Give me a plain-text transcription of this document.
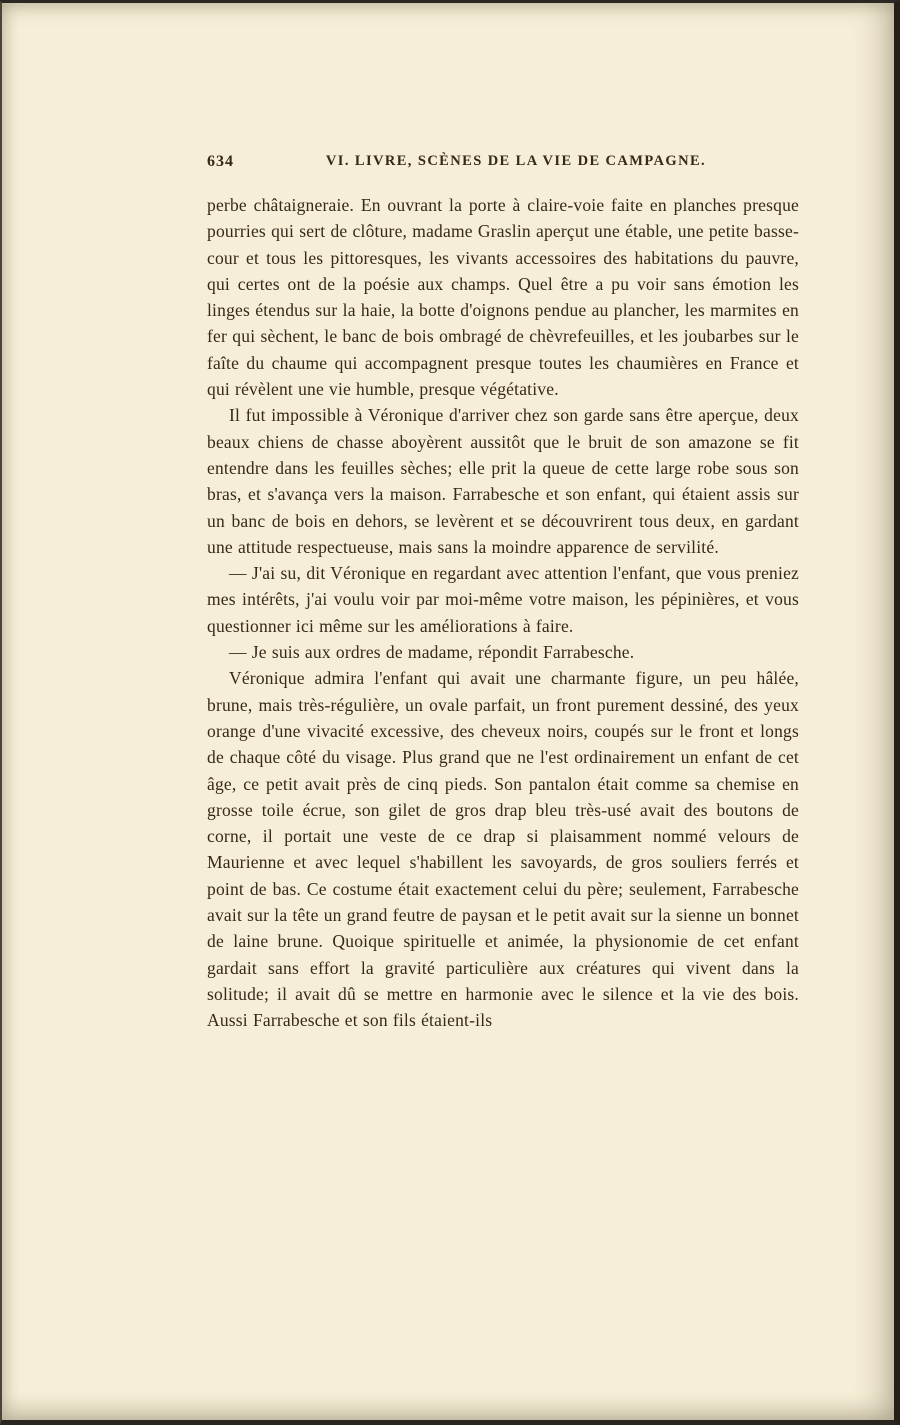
634	VI. LIVRE, SCÈNES DE LA VIE DE CAMPAGNE.

perbe châtaigneraie. En ouvrant la porte à claire-voie faite en planches presque pourries qui sert de clôture, madame Graslin aperçut une étable, une petite basse-cour et tous les pittoresques, les vivants accessoires des habitations du pauvre, qui certes ont de la poésie aux champs. Quel être a pu voir sans émotion les linges étendus sur la haie, la botte d'oignons pendue au plancher, les marmites en fer qui sèchent, le banc de bois ombragé de chèvrefeuilles, et les joubarbes sur le faîte du chaume qui accompagnent presque toutes les chaumières en France et qui révèlent une vie humble, presque végétative.

Il fut impossible à Véronique d'arriver chez son garde sans être aperçue, deux beaux chiens de chasse aboyèrent aussitôt que le bruit de son amazone se fit entendre dans les feuilles sèches; elle prit la queue de cette large robe sous son bras, et s'avança vers la maison. Farrabesche et son enfant, qui étaient assis sur un banc de bois en dehors, se levèrent et se découvrirent tous deux, en gardant une attitude respectueuse, mais sans la moindre apparence de servilité.

— J'ai su, dit Véronique en regardant avec attention l'enfant, que vous preniez mes intérêts, j'ai voulu voir par moi-même votre maison, les pépinières, et vous questionner ici même sur les améliorations à faire.

— Je suis aux ordres de madame, répondit Farrabesche.

Véronique admira l'enfant qui avait une charmante figure, un peu hâlée, brune, mais très-régulière, un ovale parfait, un front purement dessiné, des yeux orange d'une vivacité excessive, des cheveux noirs, coupés sur le front et longs de chaque côté du visage. Plus grand que ne l'est ordinairement un enfant de cet âge, ce petit avait près de cinq pieds. Son pantalon était comme sa chemise en grosse toile écrue, son gilet de gros drap bleu très-usé avait des boutons de corne, il portait une veste de ce drap si plaisamment nommé velours de Maurienne et avec lequel s'habillent les savoyards, de gros souliers ferrés et point de bas. Ce costume était exactement celui du père; seulement, Farrabesche avait sur la tête un grand feutre de paysan et le petit avait sur la sienne un bonnet de laine brune. Quoique spirituelle et animée, la physionomie de cet enfant gardait sans effort la gravité particulière aux créatures qui vivent dans la solitude; il avait dû se mettre en harmonie avec le silence et la vie des bois. Aussi Farrabesche et son fils étaient-ils
